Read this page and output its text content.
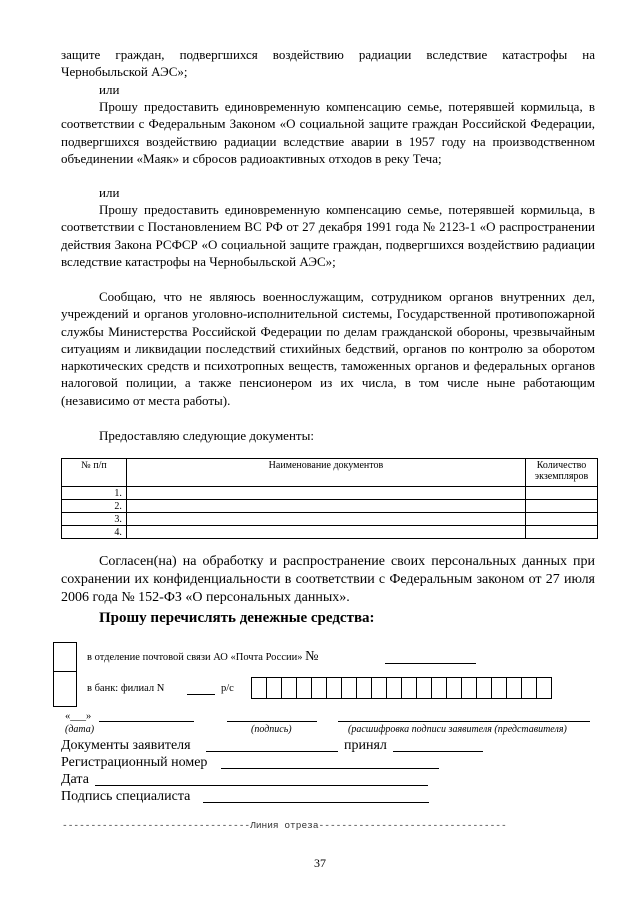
защите граждан, подвергшихся воздействию радиации вследствие катастрофы на Чернобыльской АЭС»;

или

Прошу предоставить единовременную компенсацию семье, потерявшей кормильца, в соответствии с Федеральным Законом «О социальной защите граждан Российской Федерации, подвергшихся воздействию радиации вследствие аварии в 1957 году на производственном объединении «Маяк» и сбросов радиоактивных отходов в реку Теча;

или

Прошу предоставить единовременную компенсацию семье, потерявшей кормильца, в соответствии с Постановлением ВС РФ от 27 декабря 1991 года № 2123-1 «О распространении действия Закона РСФСР «О социальной защите граждан, подвергшихся воздействию радиации вследствие катастрофы на Чернобыльской АЭС»;

Сообщаю, что не являюсь военнослужащим, сотрудником органов внутренних дел, учреждений и органов уголовно-исполнительной системы, Государственной противопожарной службы Министерства Российской Федерации по делам гражданской обороны, чрезвычайным ситуациям и ликвидации последствий стихийных бедствий, органов по контролю за оборотом наркотических средств и психотропных веществ, таможенных органов и федеральных органов налоговой полиции, а также пенсионером из их числа, в том числе ныне работающим (независимо от места работы).

Предоставляю следующие документы:
№ п/п	Наименование документов	Количество экземпляров
1.		
2.		
3.		
4.		

Согласен(на) на обработку и распространение своих персональных данных при сохранении их конфиденциальности в соответствии с Федеральным законом от 27 июля 2006 года № 152-ФЗ «О персональных данных».

Прошу перечислять денежные средства:
в отделение почтовой связи АО «Почта России» №
в банк: филиал N	р/с
«___»
(дата)	(подпись)	(расшифровка подписи заявителя (представителя)
Документы заявителя	принял
Регистрационный номер
Дата
Подпись специалиста
---------------------------------Линия отреза---------------------------------
37
